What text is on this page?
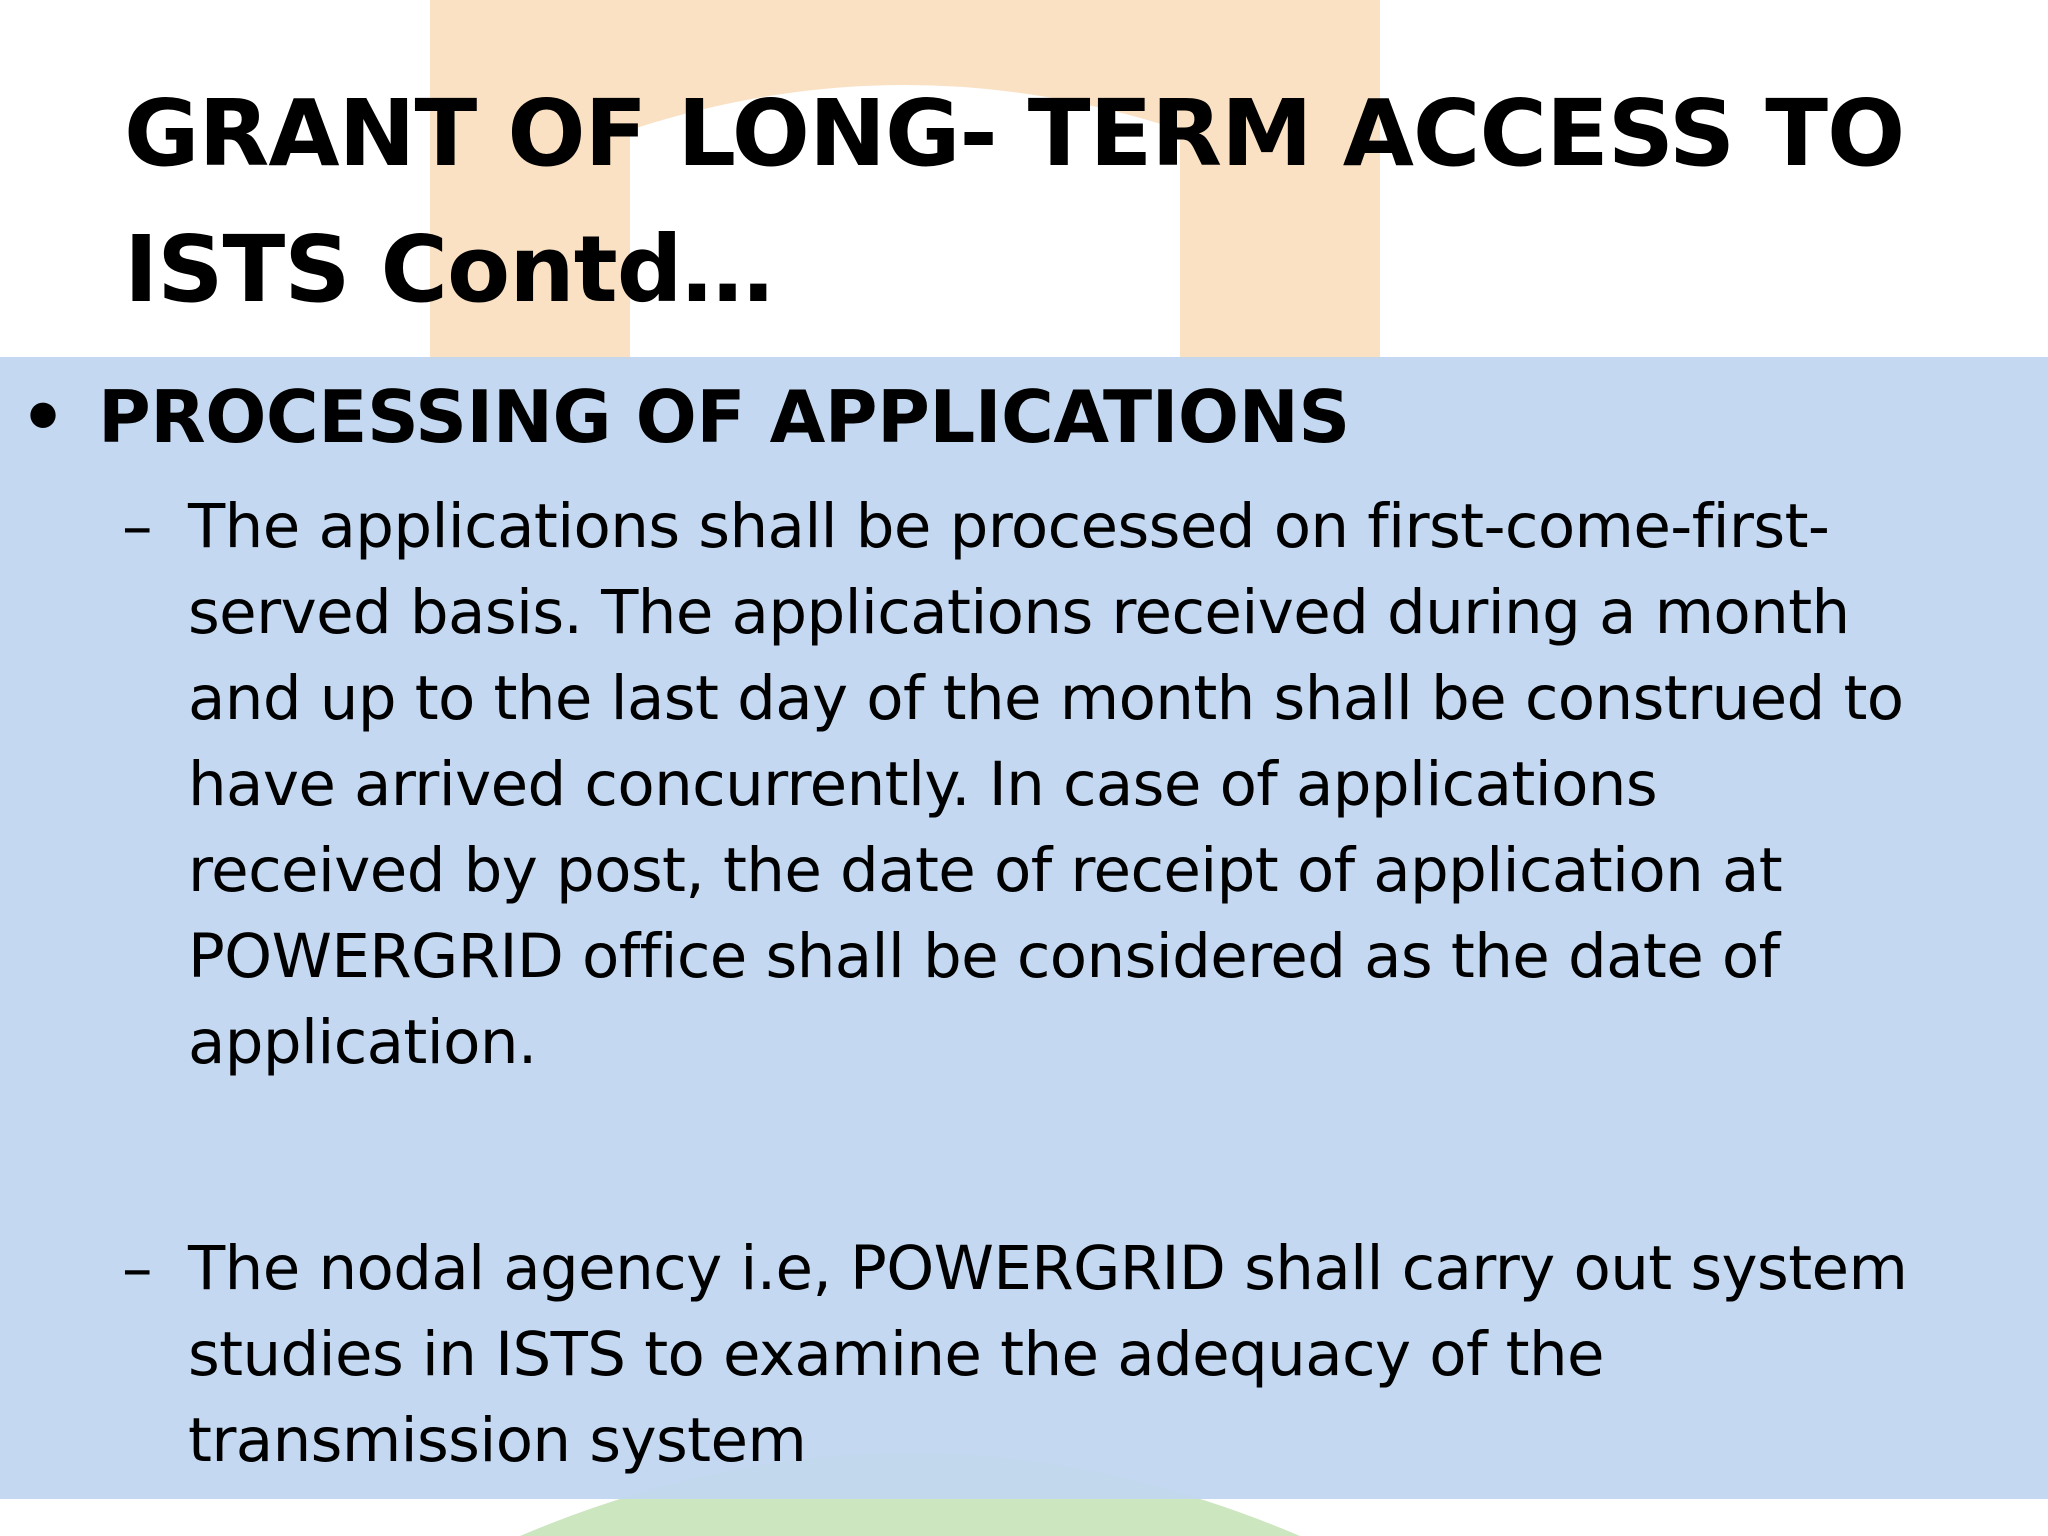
GRANT OF LONG- TERM ACCESS TO
ISTS Contd…
• PROCESSING OF APPLICATIONS
– The applications shall be processed on first-come-first-
served basis. The applications received during a month
and up to the last day of the month shall be construed to
have arrived concurrently. In case of applications
received by post, the date of receipt of application at
POWERGRID office shall be considered as the date of
application.
– The nodal agency i.e, POWERGRID shall carry out system
studies in ISTS to examine the adequacy of the
transmission system
